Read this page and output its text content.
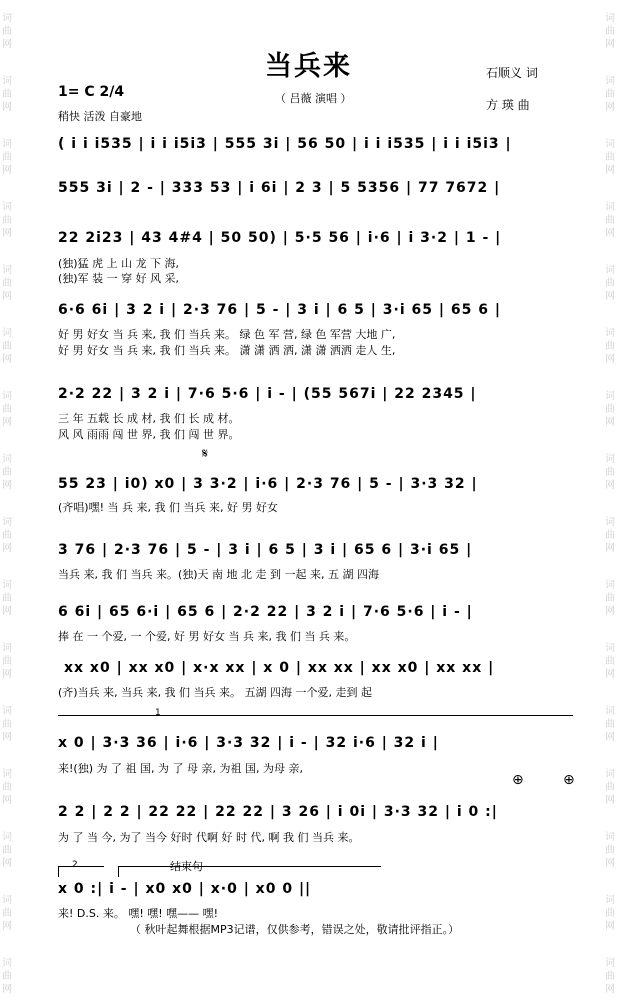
词曲网
词曲网
词曲网
词曲网
词曲网
词曲网
词曲网
词曲网
词曲网
词曲网
词曲网
词曲网
词曲网
词曲网
词曲网
词曲网
词曲网
词曲网
词曲网
词曲网
词曲网
词曲网
词曲网
词曲网
词曲网
词曲网
词曲网
词曲网
词曲网
词曲网
词曲网
词曲网
当兵来	石顺义 词
方 瑛 曲
（ 吕薇 演唱 ）
1= C 2/4
稍快 活泼 自豪地
𝄋
( i i i535 | i i i5i3 | 555 3i | 56 50 | i i i535 | i i i5i3 |
555 3i | 2 - | 333 53 | i 6i | 2 3 | 5 5356 | 77 7672 |
22 2i23 | 43 4#4 | 50 50) | 5·5 56 | i·6 | i 3·2 | 1 - |
(独)猛 虎 上 山 龙 下 海,
(独)军 装 一 穿 好 风 采,
6·6 6i | 3 2 i | 2·3 76 | 5 - | 3 i | 6 5 | 3·i 65 | 65 6 |
好 男 好女 当 兵 来, 我 们 当兵 来。 绿 色 军 营, 绿 色 军营 大地 广,
好 男 好女 当 兵 来, 我 们 当兵 来。 潇 潇 洒 洒, 潇 潇 洒洒 走人 生,
2·2 22 | 3 2 i | 7·6 5·6 | i - | (55 567i | 22 2345 |
三 年 五载 长 成 材, 我 们 长 成 材。
风 风 雨雨 闯 世 界, 我 们 闯 世 界。
55 23 | i0) x0 | 3 3·2 | i·6 | 2·3 76 | 5 - | 3·3 32 |
(齐唱)嘿! 当 兵 来, 我 们 当兵 来, 好 男 好女
3 76 | 2·3 76 | 5 - | 3 i | 6 5 | 3 i | 65 6 | 3·i 65 |
当兵 来, 我 们 当兵 来。(独)天 南 地 北 走 到 一起 来, 五 湖 四海
6 6i | 65 6·i | 65 6 | 2·2 22 | 3 2 i | 7·6 5·6 | i - |
捧 在 一 个爱, 一 个爱, 好 男 好女 当 兵 来, 我 们 当 兵 来。
xx x0 | xx x0 | x·x xx | x 0 | xx xx | xx x0 | xx xx |
(齐)当兵 来, 当兵 来, 我 们 当兵 来。 五湖 四海 一个爱, 走到 起
1
x 0 | 3·3 36 | i·6 | 3·3 32 | i - | 32 i·6 | 32 i |
来!(独) 为 了 祖 国, 为 了 母 亲, 为祖 国, 为母 亲,
⊕	⊕
2 2 | 2 2 | 22 22 | 22 22 | 3 26 | i 0i | 3·3 32 | i 0 :|
为 了 当 今, 为了 当今 好时 代啊 好 时 代, 啊 我 们 当兵 来。
2	结束句
x 0 :| i - | x0 x0 | x·0 | x0 0 ||
来! D.S. 来。 嘿! 嘿! 嘿—— 嘿!
（ 秋叶起舞根据MP3记谱，仅供参考，错误之处，敬请批评指正。）
